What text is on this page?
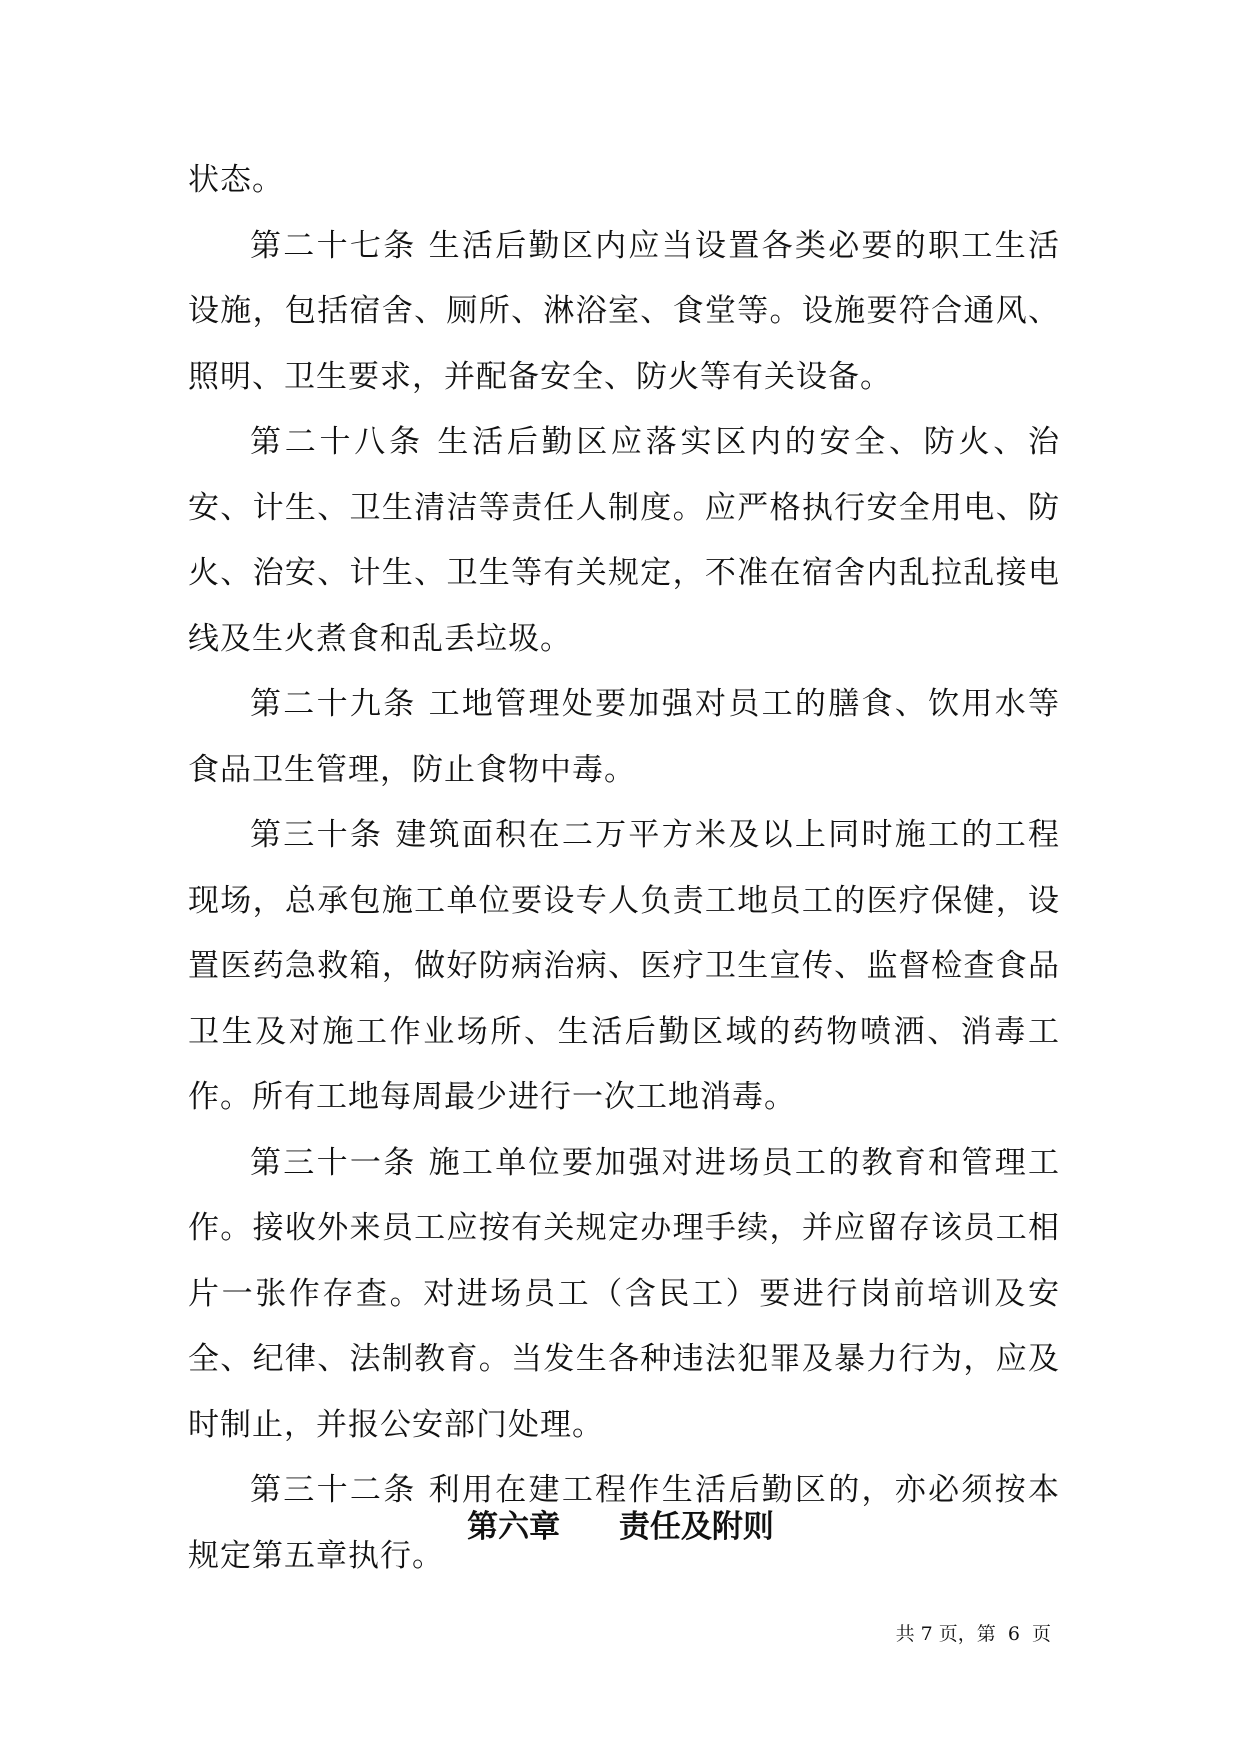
状态。

第二十七条 生活后勤区内应当设置各类必要的职工生活设施，包括宿舍、厕所、淋浴室、食堂等。设施要符合通风、照明、卫生要求，并配备安全、防火等有关设备。

第二十八条 生活后勤区应落实区内的安全、防火、治安、计生、卫生清洁等责任人制度。应严格执行安全用电、防火、治安、计生、卫生等有关规定，不准在宿舍内乱拉乱接电线及生火煮食和乱丢垃圾。

第二十九条 工地管理处要加强对员工的膳食、饮用水等食品卫生管理，防止食物中毒。

第三十条 建筑面积在二万平方米及以上同时施工的工程现场，总承包施工单位要设专人负责工地员工的医疗保健，设置医药急救箱，做好防病治病、医疗卫生宣传、监督检查食品卫生及对施工作业场所、生活后勤区域的药物喷洒、消毒工作。所有工地每周最少进行一次工地消毒。

第三十一条 施工单位要加强对进场员工的教育和管理工作。接收外来员工应按有关规定办理手续，并应留存该员工相片一张作存查。对进场员工（含民工）要进行岗前培训及安全、纪律、法制教育。当发生各种违法犯罪及暴力行为，应及时制止，并报公安部门处理。

第三十二条 利用在建工程作生活后勤区的，亦必须按本规定第五章执行。

第六章  责任及附则
共 7 页，第  6  页
